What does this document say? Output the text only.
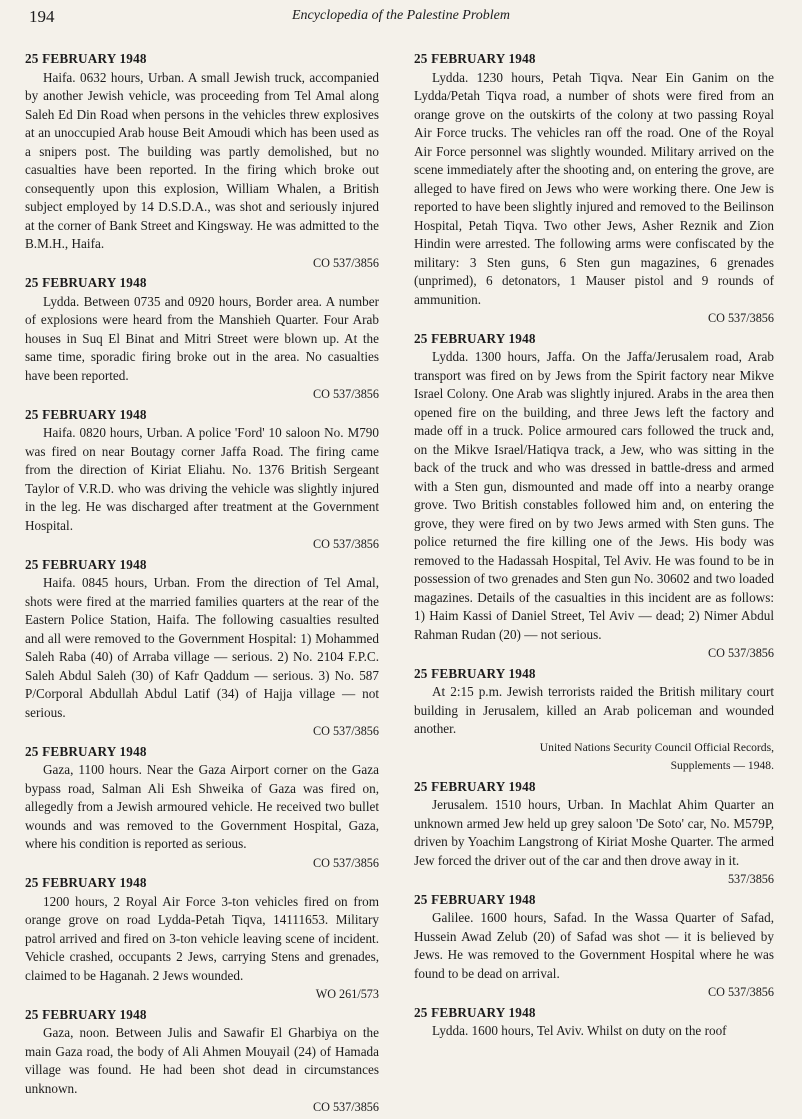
194	Encyclopedia of the Palestine Problem
25 FEBRUARY 1948

Haifa. 0632 hours, Urban. A small Jewish truck, accompanied by another Jewish vehicle, was proceeding from Tel Amal along Saleh Ed Din Road when persons in the vehicles threw explosives at an unoccupied Arab house Beit Amoudi which has been used as a snipers post. The building was partly demolished, but no casualties have been reported. In the firing which broke out consequently upon this explosion, William Whalen, a British subject employed by 14 D.S.D.A., was shot and seriously injured at the corner of Bank Street and Kingsway. He was admitted to the B.M.H., Haifa.

CO 537/3856

25 FEBRUARY 1948

Lydda. Between 0735 and 0920 hours, Border area. A number of explosions were heard from the Manshieh Quarter. Four Arab houses in Suq El Binat and Mitri Street were blown up. At the same time, sporadic firing broke out in the area. No casualties have been reported.

CO 537/3856

25 FEBRUARY 1948

Haifa. 0820 hours, Urban. A police 'Ford' 10 saloon No. M790 was fired on near Boutagy corner Jaffa Road. The firing came from the direction of Kiriat Eliahu. No. 1376 British Sergeant Taylor of V.R.D. who was driving the vehicle was slightly injured in the leg. He was discharged after treatment at the Government Hospital.

CO 537/3856

25 FEBRUARY 1948

Haifa. 0845 hours, Urban. From the direction of Tel Amal, shots were fired at the married families quarters at the rear of the Eastern Police Station, Haifa. The following casualties resulted and all were removed to the Government Hospital: 1) Mohammed Saleh Raba (40) of Arraba village — serious. 2) No. 2104 F.P.C. Saleh Abdul Saleh (30) of Kafr Qaddum — serious. 3) No. 587 P/Corporal Abdullah Abdul Latif (34) of Hajja village — not serious.

CO 537/3856

25 FEBRUARY 1948

Gaza, 1100 hours. Near the Gaza Airport corner on the Gaza bypass road, Salman Ali Esh Shweika of Gaza was fired on, allegedly from a Jewish armoured vehicle. He received two bullet wounds and was removed to the Government Hospital, Gaza, where his condition is reported as serious.

CO 537/3856

25 FEBRUARY 1948

1200 hours, 2 Royal Air Force 3-ton vehicles fired on from orange grove on road Lydda-Petah Tiqva, 14111653. Military patrol arrived and fired on 3-ton vehicle leaving scene of incident. Vehicle crashed, occupants 2 Jews, carrying Stens and grenades, claimed to be Haganah. 2 Jews wounded.

WO 261/573

25 FEBRUARY 1948

Gaza, noon. Between Julis and Sawafir El Gharbiya on the main Gaza road, the body of Ali Ahmen Mouyail (24) of Hamada village was found. He had been shot dead in circumstances unknown.

CO 537/3856

25 FEBRUARY 1948

Lydda. 1230 hours, Petah Tiqva. Near Ein Ganim on the Lydda/Petah Tiqva road, a number of shots were fired from an orange grove on the outskirts of the colony at two passing Royal Air Force trucks. The vehicles ran off the road. One of the Royal Air Force personnel was slightly wounded. Military arrived on the scene immediately after the shooting and, on entering the grove, are alleged to have fired on Jews who were working there. One Jew is reported to have been slightly injured and removed to the Beilinson Hospital, Petah Tiqva. Two other Jews, Asher Reznik and Zion Hindin were arrested. The following arms were confiscated by the military: 3 Sten guns, 6 Sten gun magazines, 6 grenades (unprimed), 6 detonators, 1 Mauser pistol and 9 rounds of ammunition.

CO 537/3856

25 FEBRUARY 1948

Lydda. 1300 hours, Jaffa. On the Jaffa/Jerusalem road, Arab transport was fired on by Jews from the Spirit factory near Mikve Israel Colony. One Arab was slightly injured. Arabs in the area then opened fire on the building, and three Jews left the factory and made off in a truck. Police armoured cars followed the truck and, on the Mikve Israel/Hatiqva track, a Jew, who was sitting in the back of the truck and who was dressed in battle-dress and armed with a Sten gun, dismounted and made off into a nearby orange grove. Two British constables followed him and, on entering the grove, they were fired on by two Jews armed with Sten guns. The police returned the fire killing one of the Jews. His body was removed to the Hadassah Hospital, Tel Aviv. He was found to be in possession of two grenades and Sten gun No. 30602 and two loaded magazines. Details of the casualties in this incident are as follows: 1) Haim Kassi of Daniel Street, Tel Aviv — dead; 2) Nimer Abdul Rahman Rudan (20) — not serious.

CO 537/3856

25 FEBRUARY 1948

At 2:15 p.m. Jewish terrorists raided the British military court building in Jerusalem, killed an Arab policeman and wounded another.

United Nations Security Council Official Records,

Supplements — 1948.

25 FEBRUARY 1948

Jerusalem. 1510 hours, Urban. In Machlat Ahim Quarter an unknown armed Jew held up grey saloon 'De Soto' car, No. M579P, driven by Yoachim Langstrong of Kiriat Moshe Quarter. The armed Jew forced the driver out of the car and then drove away in it.

537/3856

25 FEBRUARY 1948

Galilee. 1600 hours, Safad. In the Wassa Quarter of Safad, Hussein Awad Zelub (20) of Safad was shot — it is believed by Jews. He was removed to the Government Hospital where he was found to be dead on arrival.

CO 537/3856

25 FEBRUARY 1948

Lydda. 1600 hours, Tel Aviv. Whilst on duty on the roof
